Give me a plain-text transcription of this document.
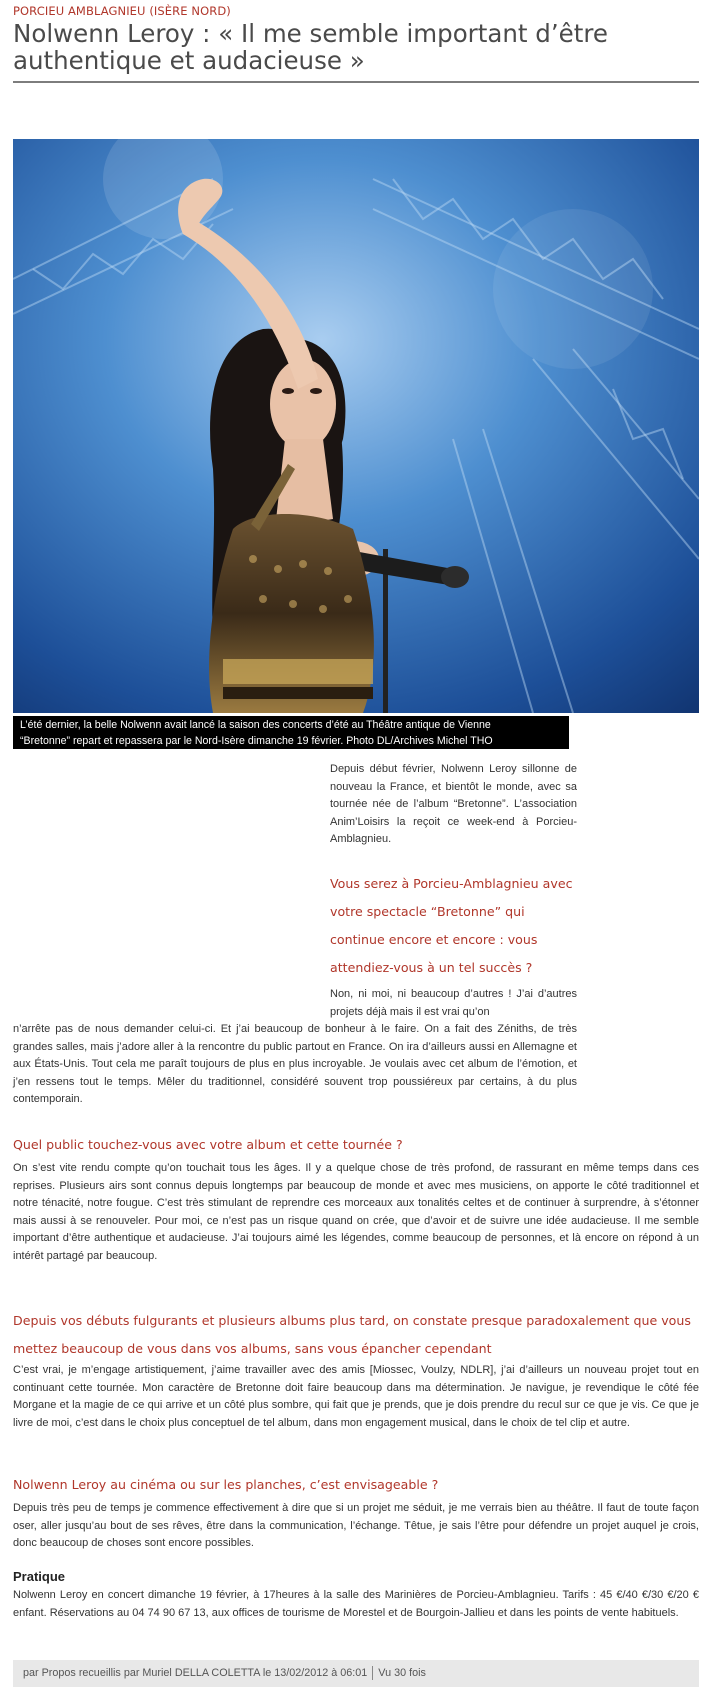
PORCIEU AMBLAGNIEU (ISÈRE NORD)
Nolwenn Leroy : « Il me semble important d’être authentique et audacieuse »
L’été dernier, la belle Nolwenn avait lancé la saison des concerts d’été au Théâtre antique de Vienne
“Bretonne” repart et repassera par le Nord-Isère dimanche 19 février. Photo DL/Archives Michel THO

Depuis début février, Nolwenn Leroy sillonne de nouveau la France, et bientôt le monde, avec sa tournée née de l’album “Bretonne”. L’association Anim’Loisirs la reçoit ce week-end à Porcieu-Amblagnieu.

Vous serez à Porcieu-Amblagnieu avec votre spectacle “Bretonne” qui continue encore et encore : vous attendiez-vous à un tel succès ?

Non, ni moi, ni beaucoup d’autres ! J’ai d’autres projets déjà mais il est vrai qu’on

n’arrête pas de nous demander celui-ci. Et j’ai beaucoup de bonheur à le faire. On a fait des Zéniths, de très grandes salles, mais j’adore aller à la rencontre du public partout en France. On ira d’ailleurs aussi en Allemagne et aux États-Unis. Tout cela me paraît toujours de plus en plus incroyable. Je voulais avec cet album de l’émotion, et j’en ressens tout le temps. Mêler du traditionnel, considéré souvent trop poussiéreux par certains, à du plus contemporain.

Quel public touchez-vous avec votre album et cette tournée ?

On s’est vite rendu compte qu’on touchait tous les âges. Il y a quelque chose de très profond, de rassurant en même temps dans ces reprises. Plusieurs airs sont connus depuis longtemps par beaucoup de monde et avec mes musiciens, on apporte le côté traditionnel et notre ténacité, notre fougue. C’est très stimulant de reprendre ces morceaux aux tonalités celtes et de continuer à surprendre, à s’étonner mais aussi à se renouveler. Pour moi, ce n’est pas un risque quand on crée, que d’avoir et de suivre une idée audacieuse. Il me semble important d’être authentique et audacieuse. J’ai toujours aimé les légendes, comme beaucoup de personnes, et là encore on répond à un intérêt partagé par beaucoup.

Depuis vos débuts fulgurants et plusieurs albums plus tard, on constate presque paradoxalement que vous mettez beaucoup de vous dans vos albums, sans vous épancher cependant

C’est vrai, je m’engage artistiquement, j’aime travailler avec des amis [Miossec, Voulzy, NDLR], j’ai d’ailleurs un nouveau projet tout en continuant cette tournée. Mon caractère de Bretonne doit faire beaucoup dans ma détermination. Je navigue, je revendique le côté fée Morgane et la magie de ce qui arrive et un côté plus sombre, qui fait que je prends, que je dois prendre du recul sur ce que je vis. Ce que je livre de moi, c’est dans le choix plus conceptuel de tel album, dans mon engagement musical, dans le choix de tel clip et autre.

Nolwenn Leroy au cinéma ou sur les planches, c’est envisageable ?

Depuis très peu de temps je commence effectivement à dire que si un projet me séduit, je me verrais bien au théâtre. Il faut de toute façon oser, aller jusqu’au bout de ses rêves, être dans la communication, l’échange. Têtue, je sais l’être pour défendre un projet auquel je crois, donc beaucoup de choses sont encore possibles.

Pratique

Nolwenn Leroy en concert dimanche 19 février, à 17heures à la salle des Marinières de Porcieu-Amblagnieu. Tarifs : 45 €/40 €/30 €/20 € enfant. Réservations au 04 74 90 67 13, aux offices de tourisme de Morestel et de Bourgoin-Jallieu et dans les points de vente habituels.

par Propos recueillis par Muriel DELLA COLETTA le 13/02/2012 à 06:01 Vu 30 fois
